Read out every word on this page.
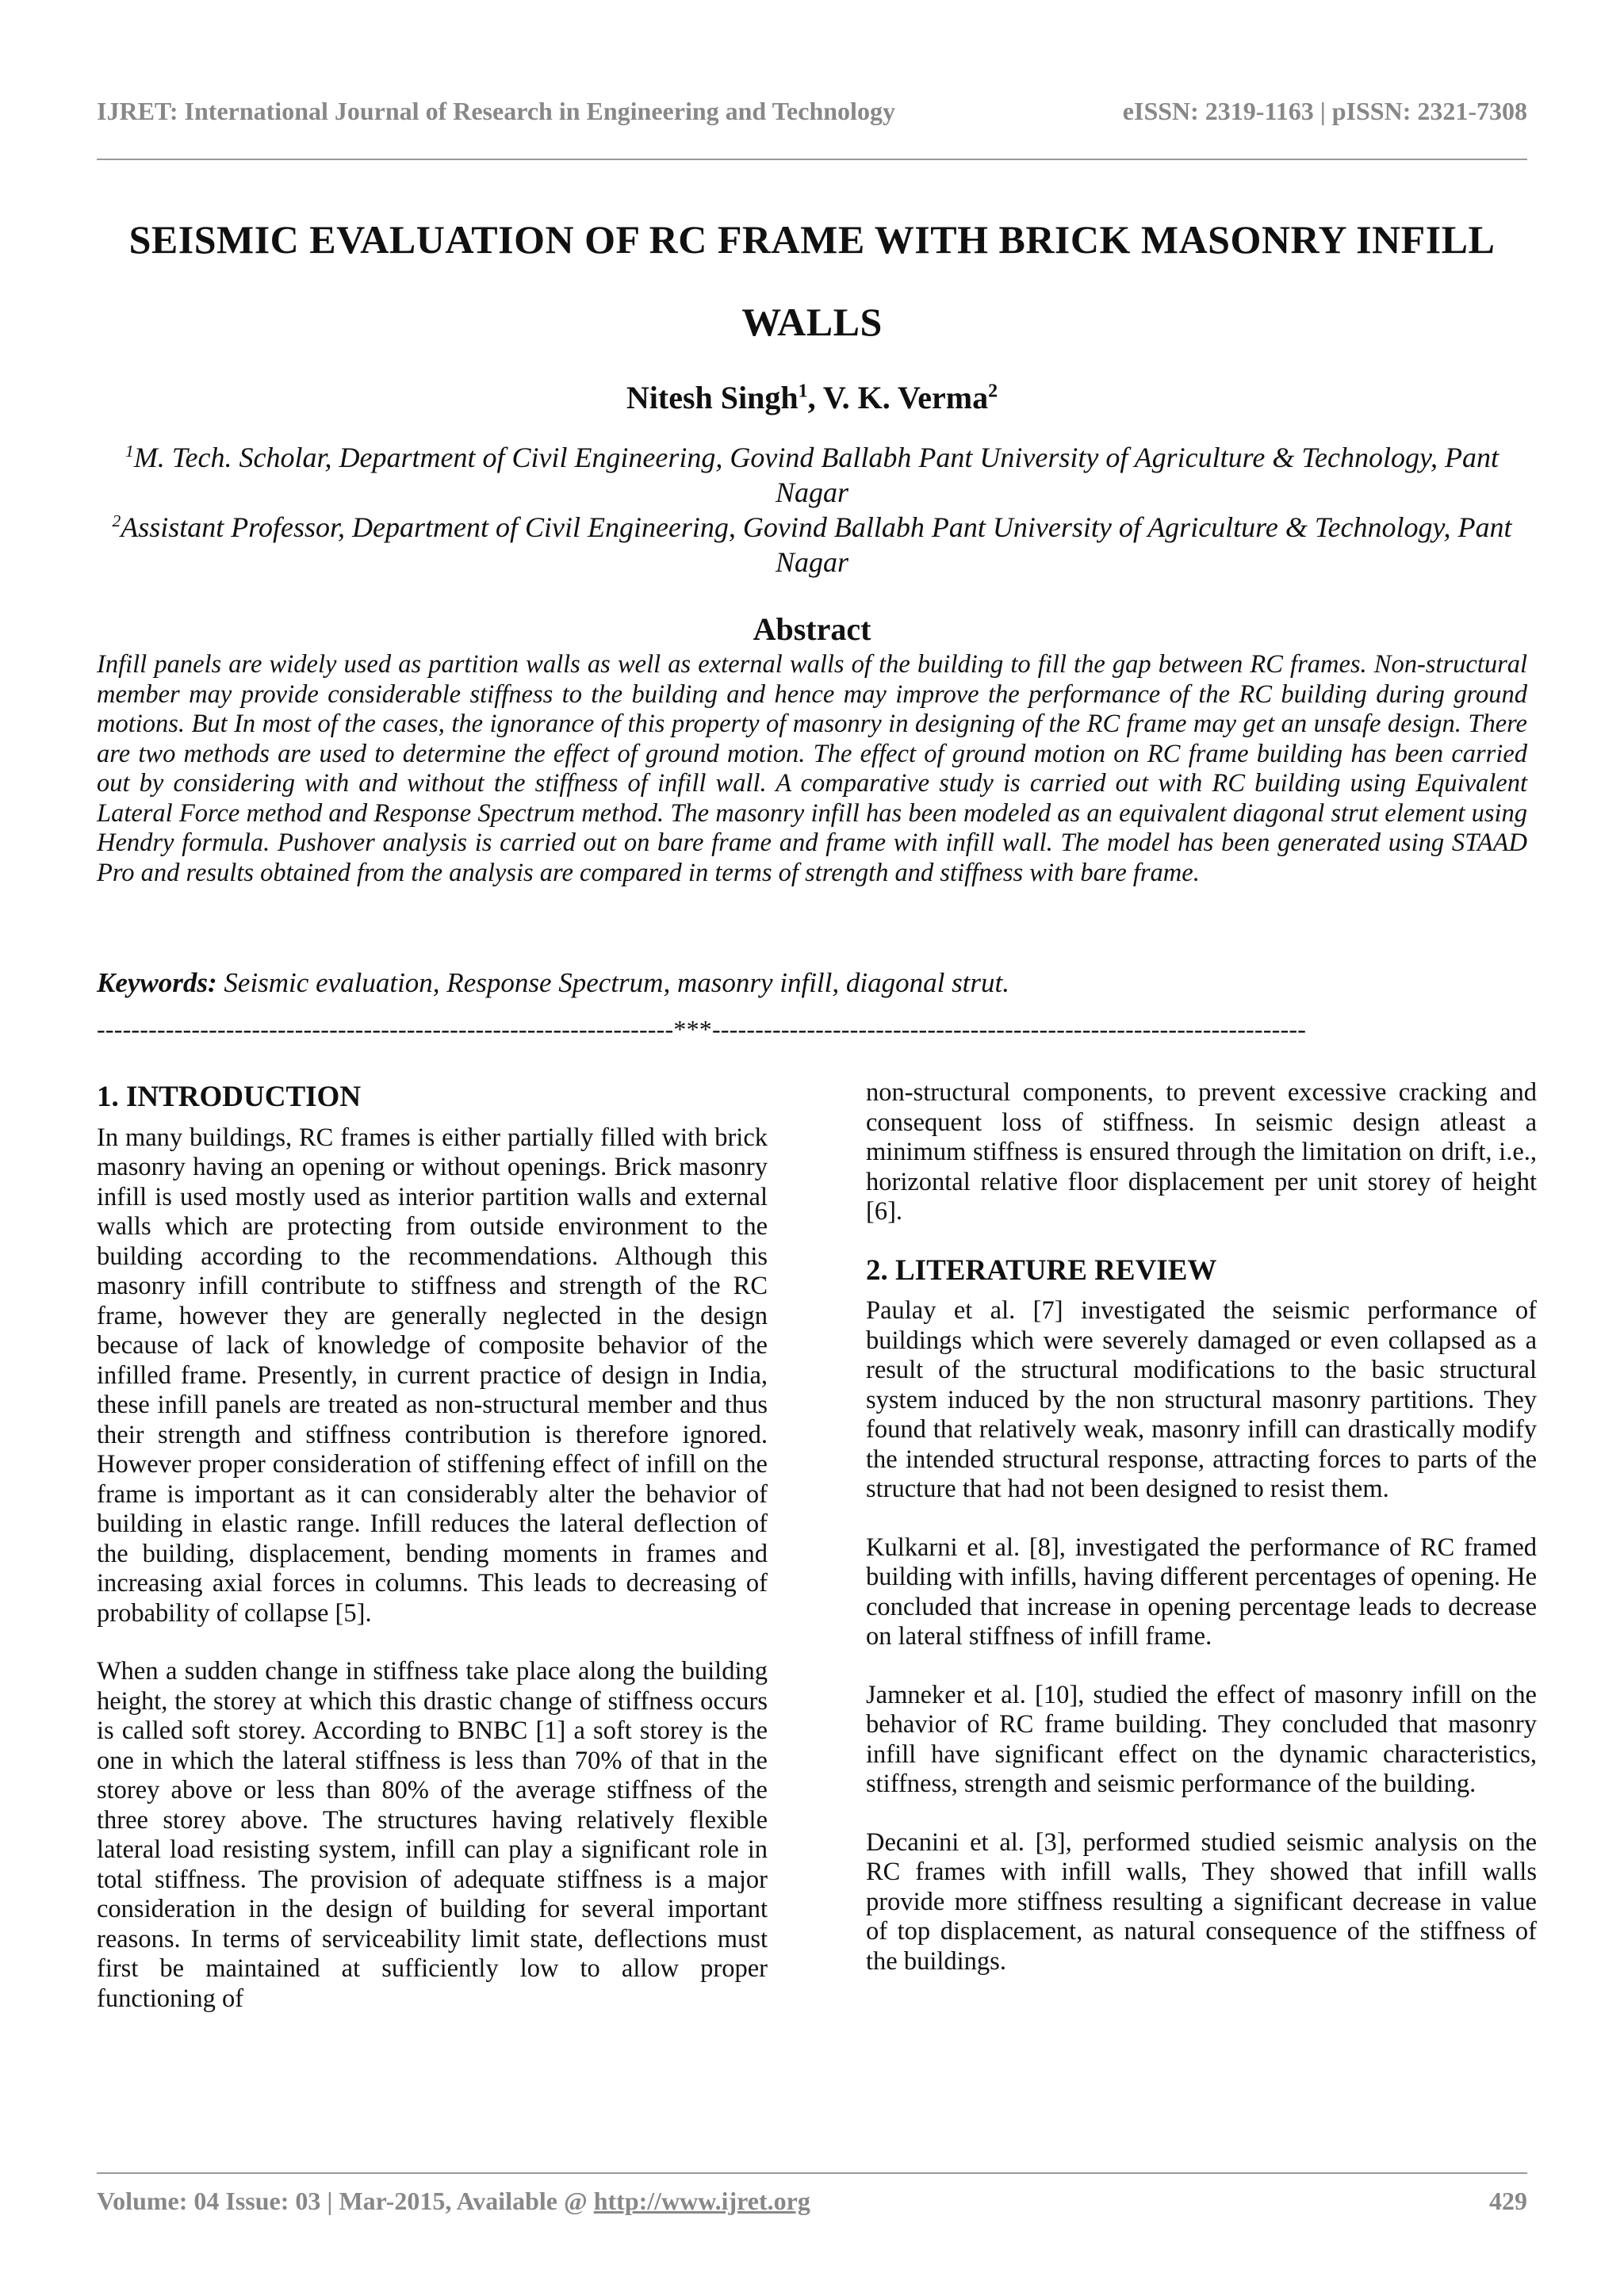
IJRET: International Journal of Research in Engineering and Technology	eISSN: 2319-1163 | pISSN: 2321-7308
SEISMIC EVALUATION OF RC FRAME WITH BRICK MASONRY INFILL WALLS
Nitesh Singh$^1$, V. K. Verma$^2$
$^1$M. Tech. Scholar, Department of Civil Engineering, Govind Ballabh Pant University of Agriculture & Technology, Pant Nagar
$^2$Assistant Professor, Department of Civil Engineering, Govind Ballabh Pant University of Agriculture & Technology, Pant Nagar
Abstract
Infill panels are widely used as partition walls as well as external walls of the building to fill the gap between RC frames. Non-structural member may provide considerable stiffness to the building and hence may improve the performance of the RC building during ground motions. But In most of the cases, the ignorance of this property of masonry in designing of the RC frame may get an unsafe design. There are two methods are used to determine the effect of ground motion. The effect of ground motion on RC frame building has been carried out by considering with and without the stiffness of infill wall. A comparative study is carried out with RC building using Equivalent Lateral Force method and Response Spectrum method. The masonry infill has been modeled as an equivalent diagonal strut element using Hendry formula. Pushover analysis is carried out on bare frame and frame with infill wall. The model has been generated using STAAD Pro and results obtained from the analysis are compared in terms of strength and stiffness with bare frame.
Keywords: Seismic evaluation, Response Spectrum, masonry infill, diagonal strut.
-------------------------------------------------------------------***---------------------------------------------------------------------
1. INTRODUCTION

In many buildings, RC frames is either partially filled with brick masonry having an opening or without openings. Brick masonry infill is used mostly used as interior partition walls and external walls which are protecting from outside environment to the building according to the recommendations. Although this masonry infill contribute to stiffness and strength of the RC frame, however they are generally neglected in the design because of lack of knowledge of composite behavior of the infilled frame. Presently, in current practice of design in India, these infill panels are treated as non-structural member and thus their strength and stiffness contribution is therefore ignored. However proper consideration of stiffening effect of infill on the frame is important as it can considerably alter the behavior of building in elastic range. Infill reduces the lateral deflection of the building, displacement, bending moments in frames and increasing axial forces in columns. This leads to decreasing of probability of collapse [5].

When a sudden change in stiffness take place along the building height, the storey at which this drastic change of stiffness occurs is called soft storey. According to BNBC [1] a soft storey is the one in which the lateral stiffness is less than 70% of that in the storey above or less than 80% of the average stiffness of the three storey above. The structures having relatively flexible lateral load resisting system, infill can play a significant role in total stiffness. The provision of adequate stiffness is a major consideration in the design of building for several important reasons. In terms of serviceability limit state, deflections must first be maintained at sufficiently low to allow proper functioning of

non-structural components, to prevent excessive cracking and consequent loss of stiffness. In seismic design atleast a minimum stiffness is ensured through the limitation on drift, i.e., horizontal relative floor displacement per unit storey of height [6].

2. LITERATURE REVIEW

Paulay et al. [7] investigated the seismic performance of buildings which were severely damaged or even collapsed as a result of the structural modifications to the basic structural system induced by the non structural masonry partitions. They found that relatively weak, masonry infill can drastically modify the intended structural response, attracting forces to parts of the structure that had not been designed to resist them.

Kulkarni et al. [8], investigated the performance of RC framed building with infills, having different percentages of opening. He concluded that increase in opening percentage leads to decrease on lateral stiffness of infill frame.

Jamneker et al. [10], studied the effect of masonry infill on the behavior of RC frame building. They concluded that masonry infill have significant effect on the dynamic characteristics, stiffness, strength and seismic performance of the building.

Decanini et al. [3], performed studied seismic analysis on the RC frames with infill walls, They showed that infill walls provide more stiffness resulting a significant decrease in value of top displacement, as natural consequence of the stiffness of the buildings.

Volume: 04 Issue: 03 | Mar-2015, Available @ http://www.ijret.org	429
